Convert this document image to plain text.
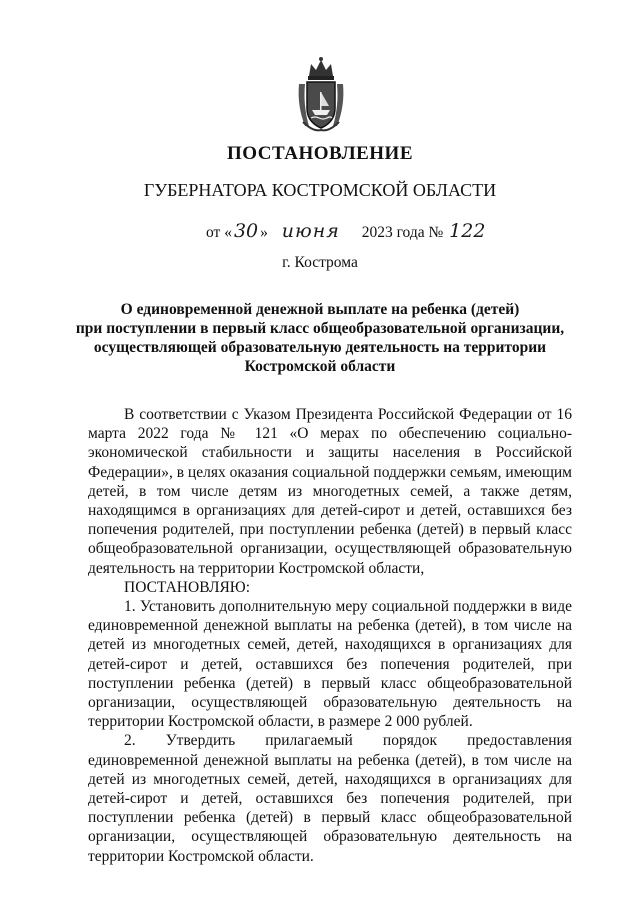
ПОСТАНОВЛЕНИЕ
ГУБЕРНАТОРА КОСТРОМСКОЙ ОБЛАСТИ
от « 30 » июня 2023 года № 122
г. Кострома
О единовременной денежной выплате на ребенка (детей)
при поступлении в первый класс общеобразовательной организации,
осуществляющей образовательную деятельность на территории
Костромской области

В соответствии с Указом Президента Российской Федерации от 16 марта 2022 года № 121 «О мерах по обеспечению социально-экономической стабильности и защиты населения в Российской Федерации», в целях оказания социальной поддержки семьям, имеющим детей, в том числе детям из многодетных семей, а также детям, находящимся в организациях для детей-сирот и детей, оставшихся без попечения родителей, при поступлении ребенка (детей) в первый класс общеобразовательной организации, осуществляющей образовательную деятельность на территории Костромской области,

ПОСТАНОВЛЯЮ:

1. Установить дополнительную меру социальной поддержки в виде единовременной денежной выплаты на ребенка (детей), в том числе на детей из многодетных семей, детей, находящихся в организациях для детей-сирот и детей, оставшихся без попечения родителей, при поступлении ребенка (детей) в первый класс общеобразовательной организации, осуществляющей образовательную деятельность на территории Костромской области, в размере 2 000 рублей.

2. Утвердить прилагаемый порядок предоставления единовременной денежной выплаты на ребенка (детей), в том числе на детей из многодетных семей, детей, находящихся в организациях для детей-сирот и детей, оставшихся без попечения родителей, при поступлении ребенка (детей) в первый класс общеобразовательной организации, осуществляющей образовательную деятельность на территории Костромской области.
